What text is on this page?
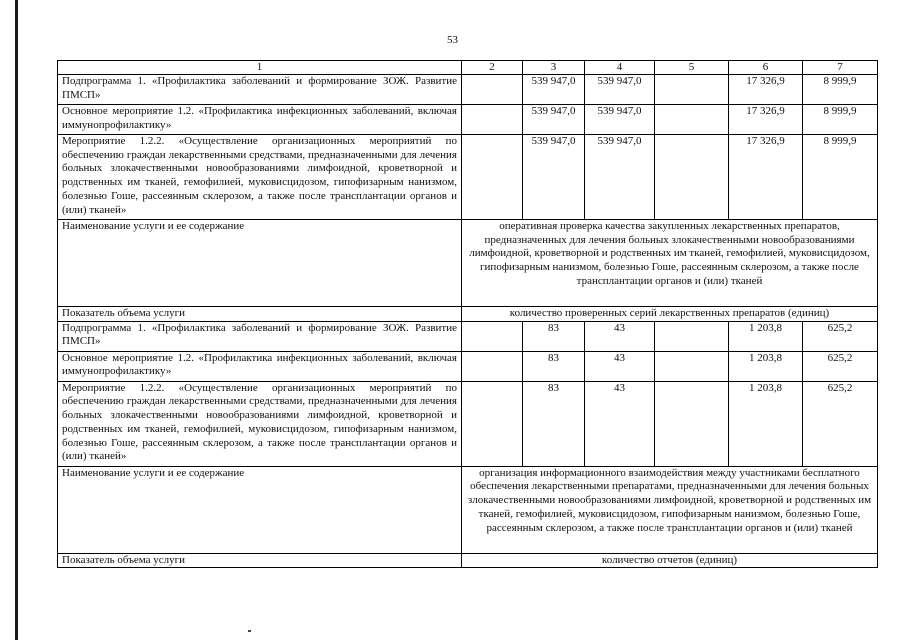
53
1	2	3	4	5	6	7
Подпрограмма 1. «Профилактика заболеваний и формирование ЗОЖ. Развитие ПМСП»		539 947,0	539 947,0		17 326,9	8 999,9
Основное мероприятие 1.2. «Профилактика инфекционных заболеваний, включая иммунопрофилактику»		539 947,0	539 947,0		17 326,9	8 999,9
Мероприятие 1.2.2. «Осуществление организационных мероприятий по обеспечению граждан лекарственными средствами, предназначенными для лечения больных злокачественными новообразованиями лимфоидной, кроветворной и родственных им тканей, гемофилией, муковисцидозом, гипофизарным нанизмом, болезнью Гоше, рассеянным склерозом, а также после трансплантации органов и (или) тканей»		539 947,0	539 947,0		17 326,9	8 999,9
Наименование услуги и ее содержание	оперативная проверка качества закупленных лекарственных препаратов, предназначенных для лечения больных злокачественными новообразованиями лимфоидной, кроветворной и родственных им тканей, гемофилией, муковисцидозом, гипофизарным нанизмом, болезнью Гоше, рассеянным склерозом, а также после трансплантации органов и (или) тканей					
Показатель объема услуги	количество проверенных серий лекарственных препаратов (единиц)					
Подпрограмма 1. «Профилактика заболеваний и формирование ЗОЖ. Развитие ПМСП»		83	43		1 203,8	625,2
Основное мероприятие 1.2. «Профилактика инфекционных заболеваний, включая иммунопрофилактику»		83	43		1 203,8	625,2
Мероприятие 1.2.2. «Осуществление организационных мероприятий по обеспечению граждан лекарственными средствами, предназначенными для лечения больных злокачественными новообразованиями лимфоидной, кроветворной и родственных им тканей, гемофилией, муковисцидозом, гипофизарным нанизмом, болезнью Гоше, рассеянным склерозом, а также после трансплантации органов и (или) тканей»		83	43		1 203,8	625,2
Наименование услуги и ее содержание	организация информационного взаимодействия между участниками бесплатного обеспечения лекарственными препаратами, предназначенными для лечения больных злокачественными новообразованиями лимфоидной, кроветворной и родственных им тканей, гемофилией, муковисцидозом, гипофизарным нанизмом, болезнью Гоше, рассеянным склерозом, а также после трансплантации органов и (или) тканей					
Показатель объема услуги	количество отчетов (единиц)					
